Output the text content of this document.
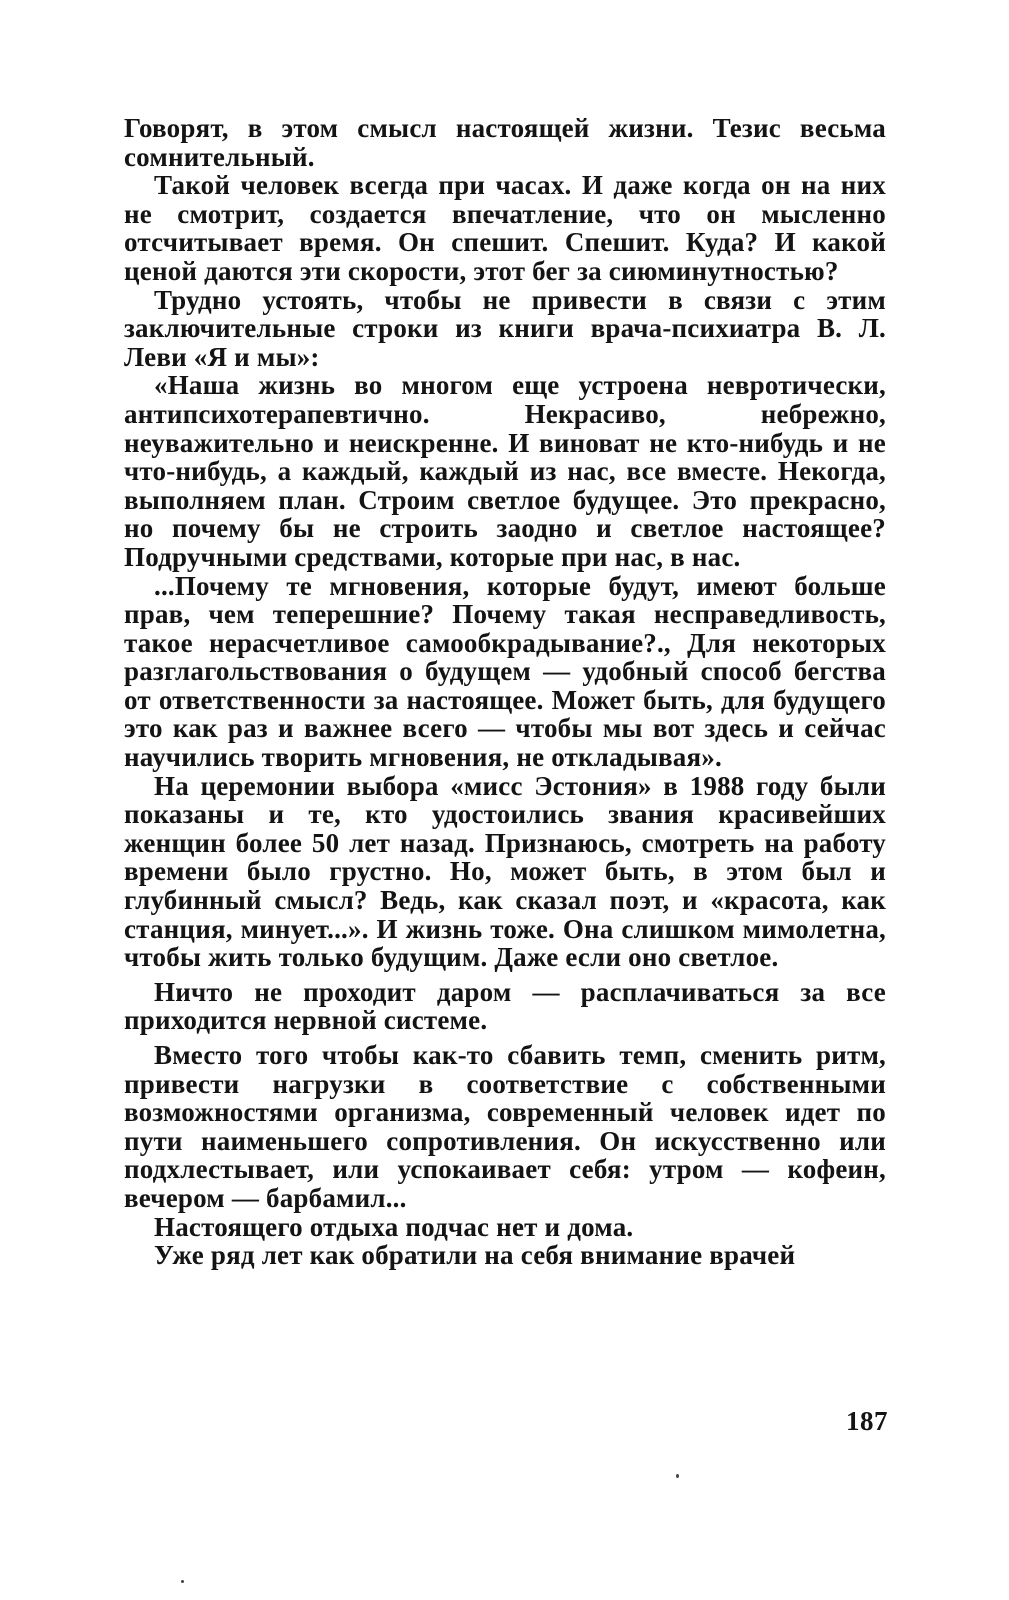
Говорят, в этом смысл настоящей жизни. Тезис весьма сомнительный.

Такой человек всегда при часах. И даже когда он на них не смотрит, создается впечатление, что он мысленно отсчитывает время. Он спешит. Спешит. Куда? И какой ценой даются эти скорости, этот бег за сиюминутностью?

Трудно устоять, чтобы не привести в связи с этим заключительные строки из книги врача-психиатра В. Л. Леви «Я и мы»:

«Наша жизнь во многом еще устроена невротически, антипсихотерапевтично. Некрасиво, небрежно, неуважительно и неискренне. И виноват не кто-нибудь и не что-нибудь, а каждый, каждый из нас, все вместе. Некогда, выполняем план. Строим светлое будущее. Это прекрасно, но почему бы не строить заодно и светлое настоящее? Подручными средствами, которые при нас, в нас.

...Почему те мгновения, которые будут, имеют больше прав, чем теперешние? Почему такая несправедливость, такое нерасчетливое самообкрадывание?., Для некоторых разглагольствования о будущем — удобный способ бегства от ответственности за настоящее. Может быть, для будущего это как раз и важнее всего — чтобы мы вот здесь и сейчас научились творить мгновения, не откладывая».

На церемонии выбора «мисс Эстония» в 1988 году были показаны и те, кто удостоились звания красивейших женщин более 50 лет назад. Признаюсь, смотреть на работу времени было грустно. Но, может быть, в этом был и глубинный смысл? Ведь, как сказал поэт, и «красота, как станция, минует...». И жизнь тоже. Она слишком мимолетна, чтобы жить только будущим. Даже если оно светлое.

Ничто не проходит даром — расплачиваться за все приходится нервной системе.

Вместо того чтобы как-то сбавить темп, сменить ритм, привести нагрузки в соответствие с собственными возможностями организма, современный человек идет по пути наименьшего сопротивления. Он искусственно или подхлестывает, или успокаивает себя: утром — кофеин, вечером — барбамил...

Настоящего отдыха подчас нет и дома.

Уже ряд лет как обратили на себя внимание врачей

187
